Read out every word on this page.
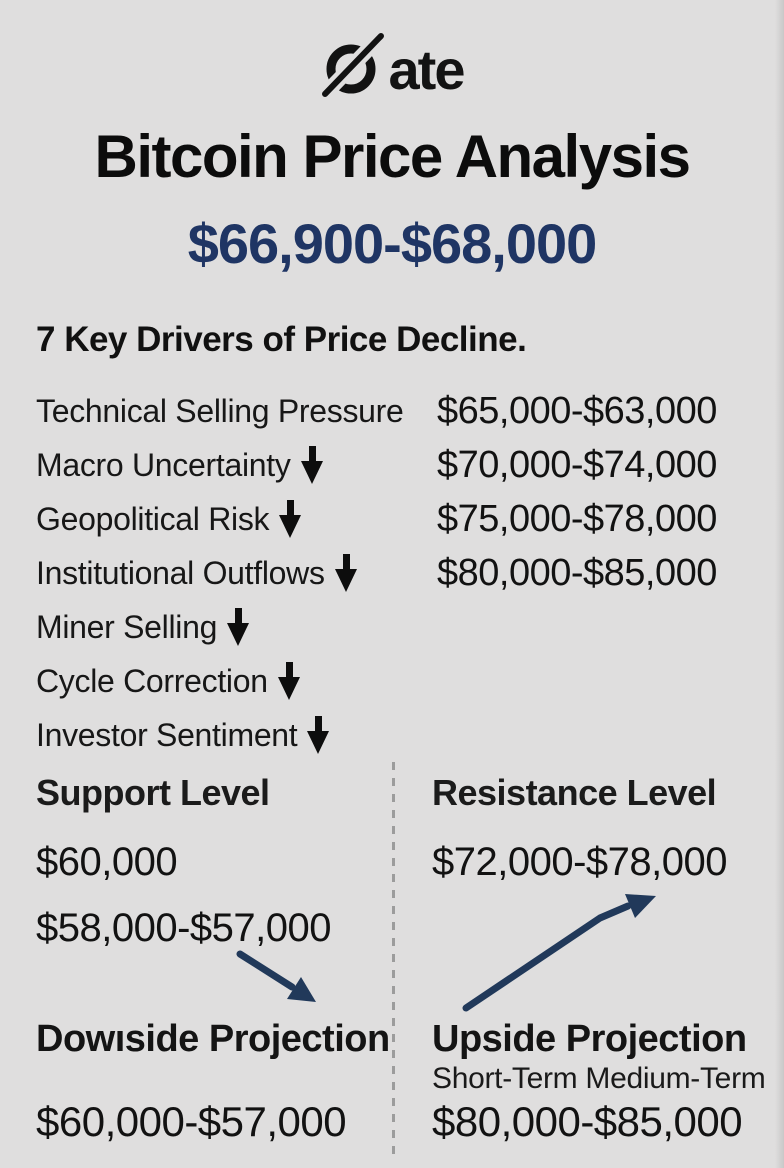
ate
Bitcoin Price Analysis
$66,900-$68,000
7 Key Drivers of Price Decline.
Technical Selling Pressure $65,000-$63,000
Macro Uncertainty	$70,000-$74,000
Geopolitical Risk	$75,000-$78,000
Institutional Outflows	$80,000-$85,000
Miner Selling
Cycle Correction
Investor Sentiment
Support Level
$60,000
$58,000-$57,000
Dowıside Projection
$60,000-$57,000
Resistance Level
$72,000-$78,000
Upside Projection
Short-Term Medium-Term
$80,000-$85,000
